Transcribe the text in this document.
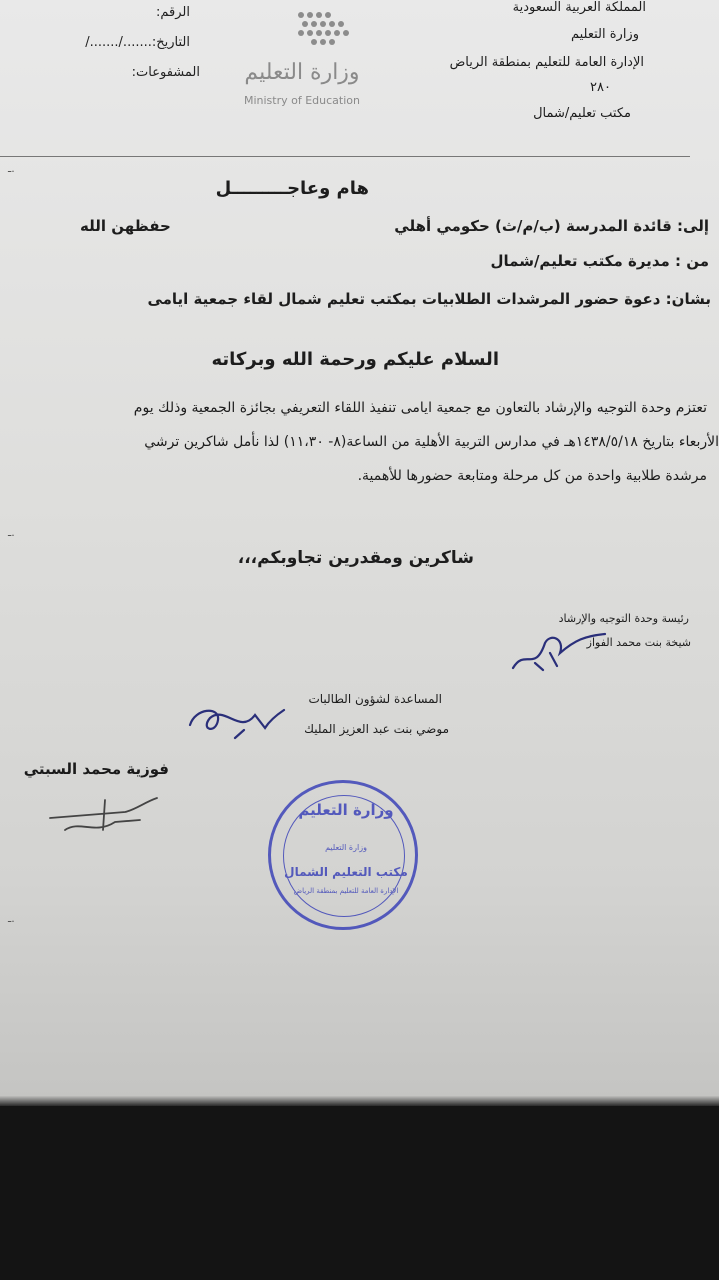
المملكة العربية السعودية
وزارة التعليم
الإدارة العامة للتعليم بمنطقة الرياض
٢٨٠
مكتب تعليم/شمال
وزارة التعليم
Ministry of Education
الرقم:
التاريخ:......./......./
المشفوعات:
ـ.
ـ.
ـ.
هام وعاجـــــــــل
إلى: قائدة المدرسة (ب/م/ث) حكومي أهلي
حفظهن الله
من : مديرة مكتب تعليم/شمال
بشان: دعوة حضور المرشدات الطلابيات بمكتب تعليم شمال لقاء جمعية ايامى
السلام عليكم ورحمة الله وبركاته
تعتزم وحدة التوجيه والإرشاد بالتعاون مع جمعية ايامى تنفيذ اللقاء التعريفي بجائزة الجمعية وذلك يوم
الأربعاء بتاريخ ١٤٣٨/٥/١٨هـ في مدارس التربية الأهلية من الساعة(٨- ١١،٣٠) لذا نأمل شاكرين ترشي
مرشدة طلابية واحدة من كل مرحلة ومتابعة حضورها للأهمية.
شاكرين ومقدرين تجاوبكم،،،
رئيسة وحدة التوجيه والإرشاد
شيخة بنت محمد الفواز
المساعدة لشؤون الطالبات
موضي بنت عبد العزيز المليك
فوزية محمد السبتي
وزارة التعليم
وزارة التعليم
مكتب التعليم الشمال
الإدارة العامة للتعليم بمنطقة الرياض
